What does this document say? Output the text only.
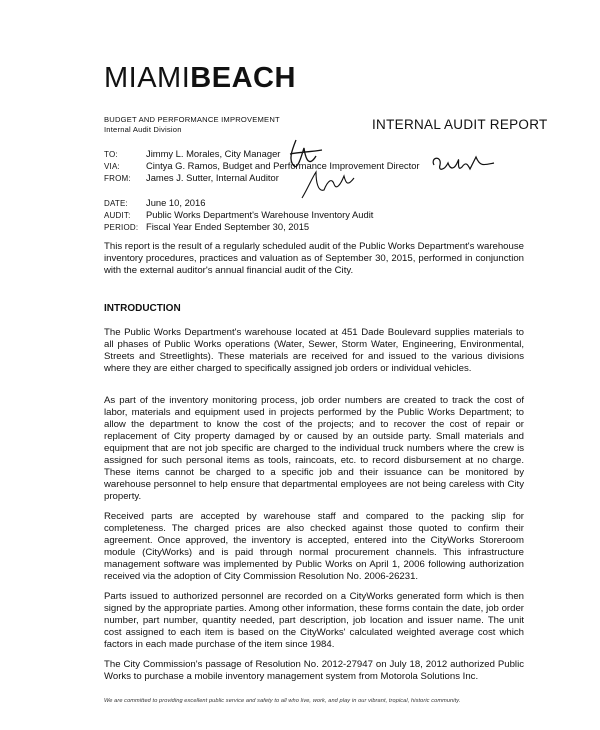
MIAMIBEACH
BUDGET AND PERFORMANCE IMPROVEMENT
Internal Audit Division	INTERNAL AUDIT REPORT
TO:	Jimmy L. Morales, City Manager
VIA:	Cintya G. Ramos, Budget and Performance Improvement Director
FROM: James J. Sutter, Internal Auditor
DATE: June 10, 2016
AUDIT: Public Works Department's Warehouse Inventory Audit
PERIOD: Fiscal Year Ended September 30, 2015
This report is the result of a regularly scheduled audit of the Public Works Department's warehouse inventory procedures, practices and valuation as of September 30, 2015, performed in conjunction with the external auditor's annual financial audit of the City.
INTRODUCTION
The Public Works Department's warehouse located at 451 Dade Boulevard supplies materials to all phases of Public Works operations (Water, Sewer, Storm Water, Engineering, Environmental, Streets and Streetlights). These materials are received for and issued to the various divisions where they are either charged to specifically assigned job orders or individual vehicles.
As part of the inventory monitoring process, job order numbers are created to track the cost of labor, materials and equipment used in projects performed by the Public Works Department; to allow the department to know the cost of the projects; and to recover the cost of repair or replacement of City property damaged by or caused by an outside party. Small materials and equipment that are not job specific are charged to the individual truck numbers where the crew is assigned for such personal items as tools, raincoats, etc. to record disbursement at no charge. These items cannot be charged to a specific job and their issuance can be monitored by warehouse personnel to help ensure that departmental employees are not being careless with City property.
Received parts are accepted by warehouse staff and compared to the packing slip for completeness. The charged prices are also checked against those quoted to confirm their agreement. Once approved, the inventory is accepted, entered into the CityWorks Storeroom module (CityWorks) and is paid through normal procurement channels. This infrastructure management software was implemented by Public Works on April 1, 2006 following authorization received via the adoption of City Commission Resolution No. 2006-26231.
Parts issued to authorized personnel are recorded on a CityWorks generated form which is then signed by the appropriate parties. Among other information, these forms contain the date, job order number, part number, quantity needed, part description, job location and issuer name. The unit cost assigned to each item is based on the CityWorks' calculated weighted average cost which factors in each made purchase of the item since 1984.
The City Commission's passage of Resolution No. 2012-27947 on July 18, 2012 authorized Public Works to purchase a mobile inventory management system from Motorola Solutions Inc.
We are committed to providing excellent public service and safety to all who live, work, and play in our vibrant, tropical, historic community.
